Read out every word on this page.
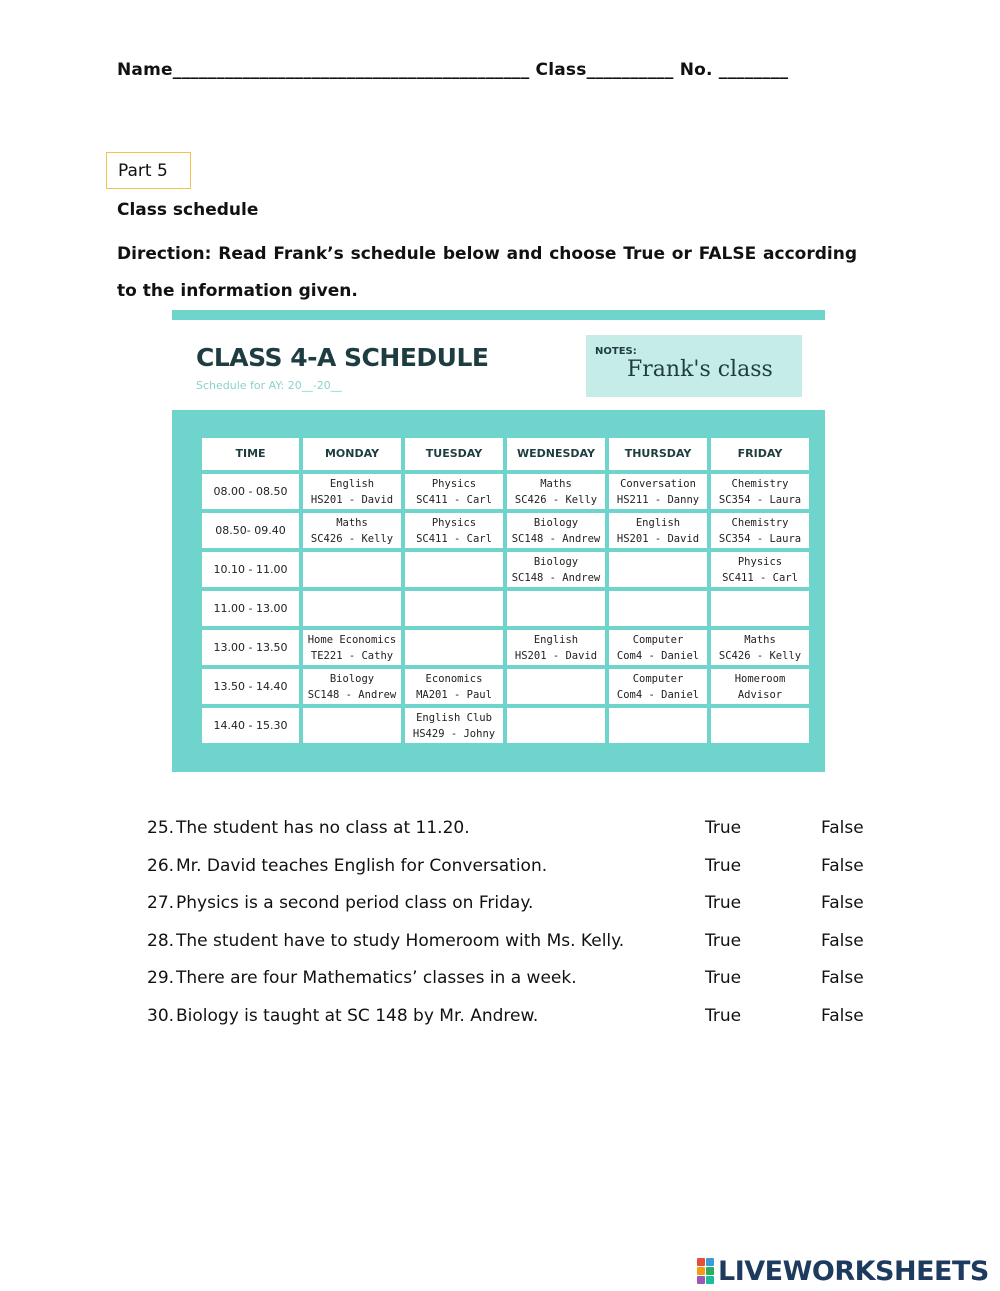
Name_________________________________________ Class__________ No. ________
Part 5
Class schedule
Direction: Read Frank’s schedule below and choose True or FALSE according to the information given.
CLASS 4-A SCHEDULE
Schedule for AY: 20__-20__
NOTES:
Frank's class
TIME	MONDAY	TUESDAY	WEDNESDAY	THURSDAY	FRIDAY
08.00 - 08.50	English
HS201 - David	Physics
SC411 - Carl	Maths
SC426 - Kelly	Conversation
HS211 - Danny	Chemistry
SC354 - Laura

08.50- 09.40	Maths
SC426 - Kelly	Physics
SC411 - Carl	Biology
SC148 - Andrew	English
HS201 - David	Chemistry
SC354 - Laura

10.10 - 11.00			Biology
SC148 - Andrew		Physics
SC411 - Carl

11.00 - 13.00	

13.00 - 13.50	Home Economics
TE221 - Cathy		English
HS201 - David	Computer
Com4 - Daniel	Maths
SC426 - Kelly

13.50 - 14.40	Biology
SC148 - Andrew	Economics
MA201 - Paul		Computer
Com4 - Daniel	Homeroom
Advisor

14.40 - 15.30		English Club
HS429 - Johny			

25. The student has no class at 11.20.	True	False
26. Mr. David teaches English for Conversation.	True	False
27. Physics is a second period class on Friday.	True	False
28. The student have to study Homeroom with Ms. Kelly.	True	False
29. There are four Mathematics’ classes in a week.	True	False
30. Biology is taught at SC 148 by Mr. Andrew.	True	False
LIVEWORKSHEETS
